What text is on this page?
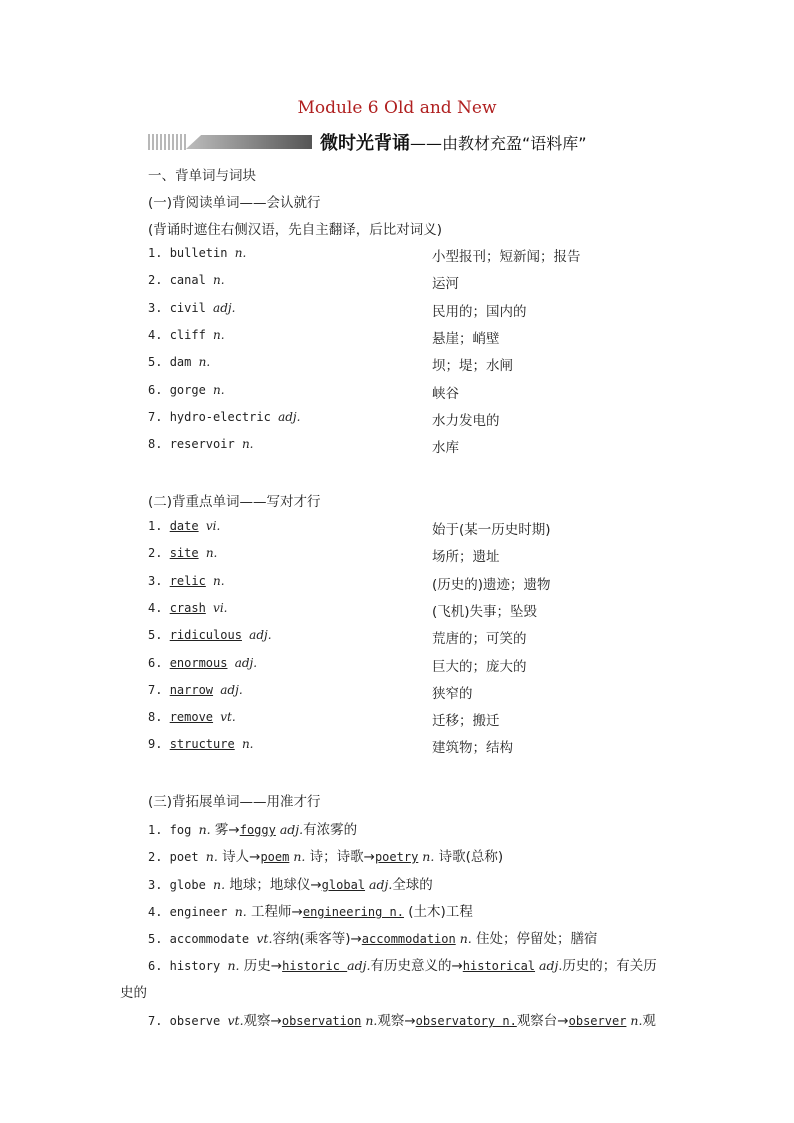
Module 6 Old and New
微时光背诵 ——由教材充盈“语料库”
一、背单词与词块
(一)背阅读单词——会认就行
(背诵时遮住右侧汉语，先自主翻译，后比对词义)
1. bulletin n.	小型报刊；短新闻；报告
2. canal n.	运河
3. civil adj.	民用的；国内的
4. cliff n.	悬崖；峭壁
5. dam n.	坝；堤；水闸
6. gorge n.	峡谷
7. hydro-electric adj.	水力发电的
8. reservoir n.	水库
(二)背重点单词——写对才行
1. date vi.	始于(某一历史时期)
2. site n.	场所；遗址
3. relic n.	(历史的)遗迹；遗物
4. crash vi.	(飞机)失事；坠毁
5. ridiculous adj.	荒唐的；可笑的
6. enormous adj.	巨大的；庞大的
7. narrow adj.	狭窄的
8. remove vt.	迁移；搬迁
9. structure n.	建筑物；结构
(三)背拓展单词——用准才行
1. fog n. 雾→foggy adj.有浓雾的
2. poet n. 诗人→poem n. 诗；诗歌→poetry n. 诗歌(总称)
3. globe n. 地球；地球仪→global adj.全球的
4. engineer n. 工程师→engineering n. (土木)工程
5. accommodate vt.容纳(乘客等)→accommodation n. 住处；停留处；膳宿
6. history n. 历史→historic adj.有历史意义的→historical adj.历史的；有关历
史的
7. observe vt.观察→observation n.观察→observatory n.观察台→observer n.观
